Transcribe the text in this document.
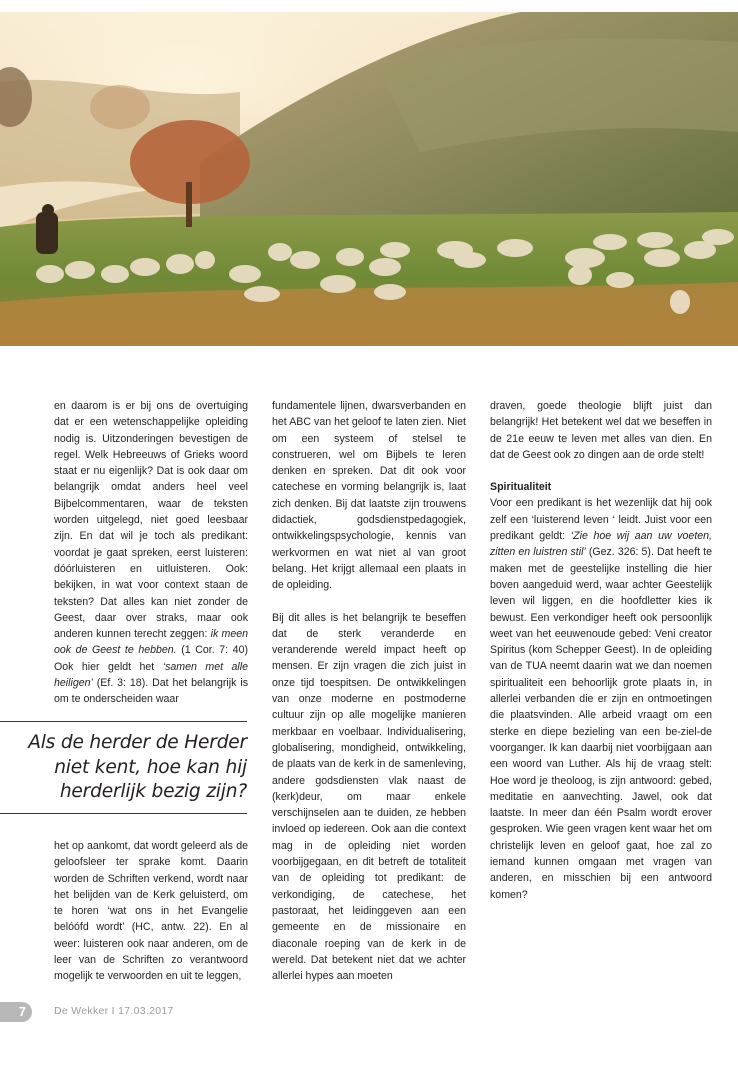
en daarom is er bij ons de overtuiging dat er een wetenschappelijke opleiding nodig is. Uitzonderingen bevestigen de regel. Welk Hebreeuws of Grieks woord staat er nu eigenlijk? Dat is ook daar om belangrijk omdat anders heel veel Bijbelcommentaren, waar de teksten worden uitgelegd, niet goed leesbaar zijn. En dat wil je toch als predikant: voordat je gaat spreken, eerst luisteren: dóórluisteren en uitluisteren. Ook: bekijken, in wat voor context staan de teksten? Dat alles kan niet zonder de Geest, daar over straks, maar ook anderen kunnen terecht zeggen: ik meen ook de Geest te hebben. (1 Cor. 7: 40) Ook hier geldt het ‘samen met alle heiligen’ (Ef. 3: 18). Dat het belangrijk is om te onderscheiden waar

Als de herder de Herder
niet kent, hoe kan hij
herderlijk bezig zijn?

het op aankomt, dat wordt geleerd als de geloofsleer ter sprake komt. Daarin worden de Schriften verkend, wordt naar het belijden van de Kerk geluisterd, om te horen ‘wat ons in het Evangelie belóófd wordt’ (HC, antw. 22). En al weer: luisteren ook naar anderen, om de leer van de Schriften zo verantwoord mogelijk te verwoorden en uit te leggen,

fundamentele lijnen, dwarsverbanden en het ABC van het geloof te laten zien. Niet om een systeem of stelsel te construeren, wel om Bijbels te leren denken en spreken. Dat dit ook voor catechese en vorming belangrijk is, laat zich denken. Bij dat laatste zijn trouwens didactiek, godsdienstpedagogiek, ontwikkelingspsychologie, kennis van werkvormen en wat niet al van groot belang. Het krijgt allemaal een plaats in de opleiding.

Bij dit alles is het belangrijk te beseffen dat de sterk veranderde en veranderende wereld impact heeft op mensen. Er zijn vragen die zich juist in onze tijd toespitsen. De ontwikkelingen van onze moderne en postmoderne cultuur zijn op alle mogelijke manieren merkbaar en voelbaar. Individualisering, globalisering, mondigheid, ontwikkeling, de plaats van de kerk in de samenleving, andere godsdiensten vlak naast de (kerk)deur, om maar enkele verschijnselen aan te duiden, ze hebben invloed op iedereen. Ook aan die context mag in de opleiding niet worden voorbijgegaan, en dit betreft de totaliteit van de opleiding tot predikant: de verkondiging, de catechese, het pastoraat, het leidinggeven aan een gemeente en de missionaire en diaconale roeping van de kerk in de wereld. Dat betekent niet dat we achter allerlei hypes aan moeten

draven, goede theologie blijft juist dan belangrijk! Het betekent wel dat we beseffen in de 21e eeuw te leven met alles van dien. En dat de Geest ook zo dingen aan de orde stelt!

Spiritualiteit

Voor een predikant is het wezenlijk dat hij ook zelf een ‘luisterend leven ‘ leidt. Juist voor een predikant geldt: ‘Zie hoe wij aan uw voeten, zitten en luistren stil’ (Gez. 326: 5). Dat heeft te maken met de geestelijke instelling die hier boven aangeduid werd, waar achter Geestelijk leven wil liggen, en die hoofdletter kies ik bewust. Een verkondiger heeft ook persoonlijk weet van het eeuwenoude gebed: Veni creator Spiritus (kom Schepper Geest). In de opleiding van de TUA neemt daarin wat we dan noemen spiritualiteit een behoorlijk grote plaats in, in allerlei verbanden die er zijn en ontmoetingen die plaatsvinden. Alle arbeid vraagt om een sterke en diepe bezieling van een be-ziel-de voorganger. Ik kan daarbij niet voorbijgaan aan een woord van Luther. Als hij de vraag stelt: Hoe word je theoloog, is zijn antwoord: gebed, meditatie en aanvechting. Jawel, ook dat laatste. In meer dan één Psalm wordt erover gesproken. Wie geen vragen kent waar het om christelijk leven en geloof gaat, hoe zal zo iemand kunnen omgaan met vragen van anderen, en misschien bij een antwoord komen?

7	De Wekker I 17.03.2017
